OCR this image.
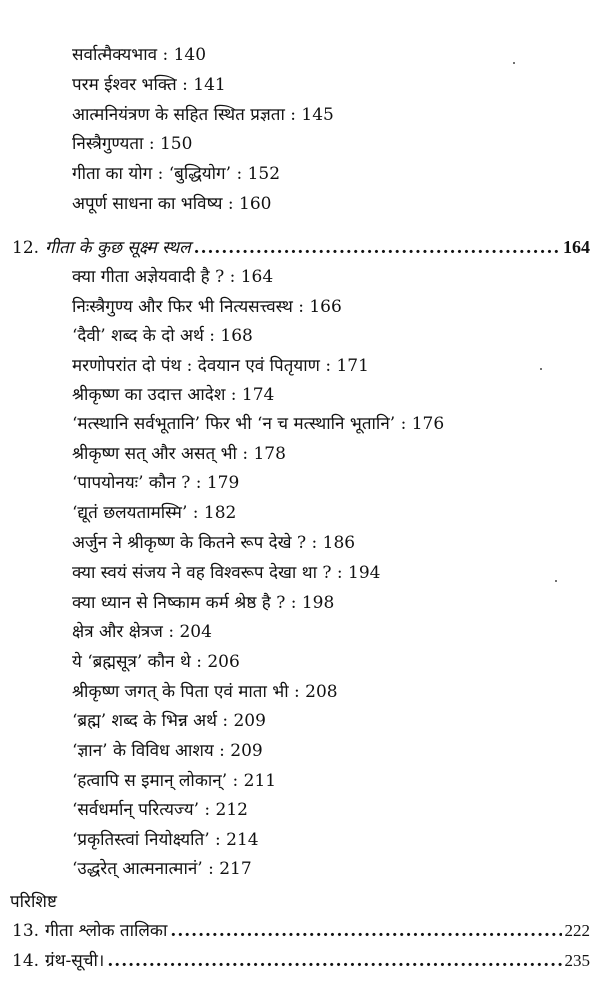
सर्वात्मैक्यभाव : 140
परम ईश्वर भक्ति : 141
आत्मनियंत्रण के सहित स्थित प्रज्ञता : 145
निस्त्रैगुण्यता : 150
गीता का योग : ‘बुद्धियोग’ : 152
अपूर्ण साधना का भविष्य : 160
12. गीता के कुछ सूक्ष्म स्थल .....	164
क्या गीता अज्ञेयवादी है ? : 164
निःस्त्रैगुण्य और फिर भी नित्यसत्त्वस्थ : 166
‘दैवी’ शब्द के दो अर्थ : 168
मरणोपरांत दो पंथ : देवयान एवं पितृयाण : 171
श्रीकृष्ण का उदात्त आदेश : 174
‘मत्स्थानि सर्वभूतानि’ फिर भी ‘न च मत्स्थानि भूतानि’ : 176
श्रीकृष्ण सत् और असत् भी : 178
‘पापयोनयः’ कौन ? : 179
‘द्यूतं छलयतामस्मि’ : 182
अर्जुन ने श्रीकृष्ण के कितने रूप देखे ? : 186
क्या स्वयं संजय ने वह विश्वरूप देखा था ? : 194
क्या ध्यान से निष्काम कर्म श्रेष्ठ है ? : 198
क्षेत्र और क्षेत्रज : 204
ये ‘ब्रह्मसूत्र’ कौन थे : 206
श्रीकृष्ण जगत् के पिता एवं माता भी : 208
‘ब्रह्म’ शब्द के भिन्न अर्थ : 209
‘ज्ञान’ के विविध आशय : 209
‘हत्वापि स इमान् लोकान्’ : 211
‘सर्वधर्मान् परित्यज्य’ : 212
‘प्रकृतिस्त्वां नियोक्ष्यति’ : 214
‘उद्धरेत् आत्मनात्मानं’ : 217
परिशिष्ट
13. गीता श्लोक तालिका .....	222
14. ग्रंथ-सूची। .....	235
